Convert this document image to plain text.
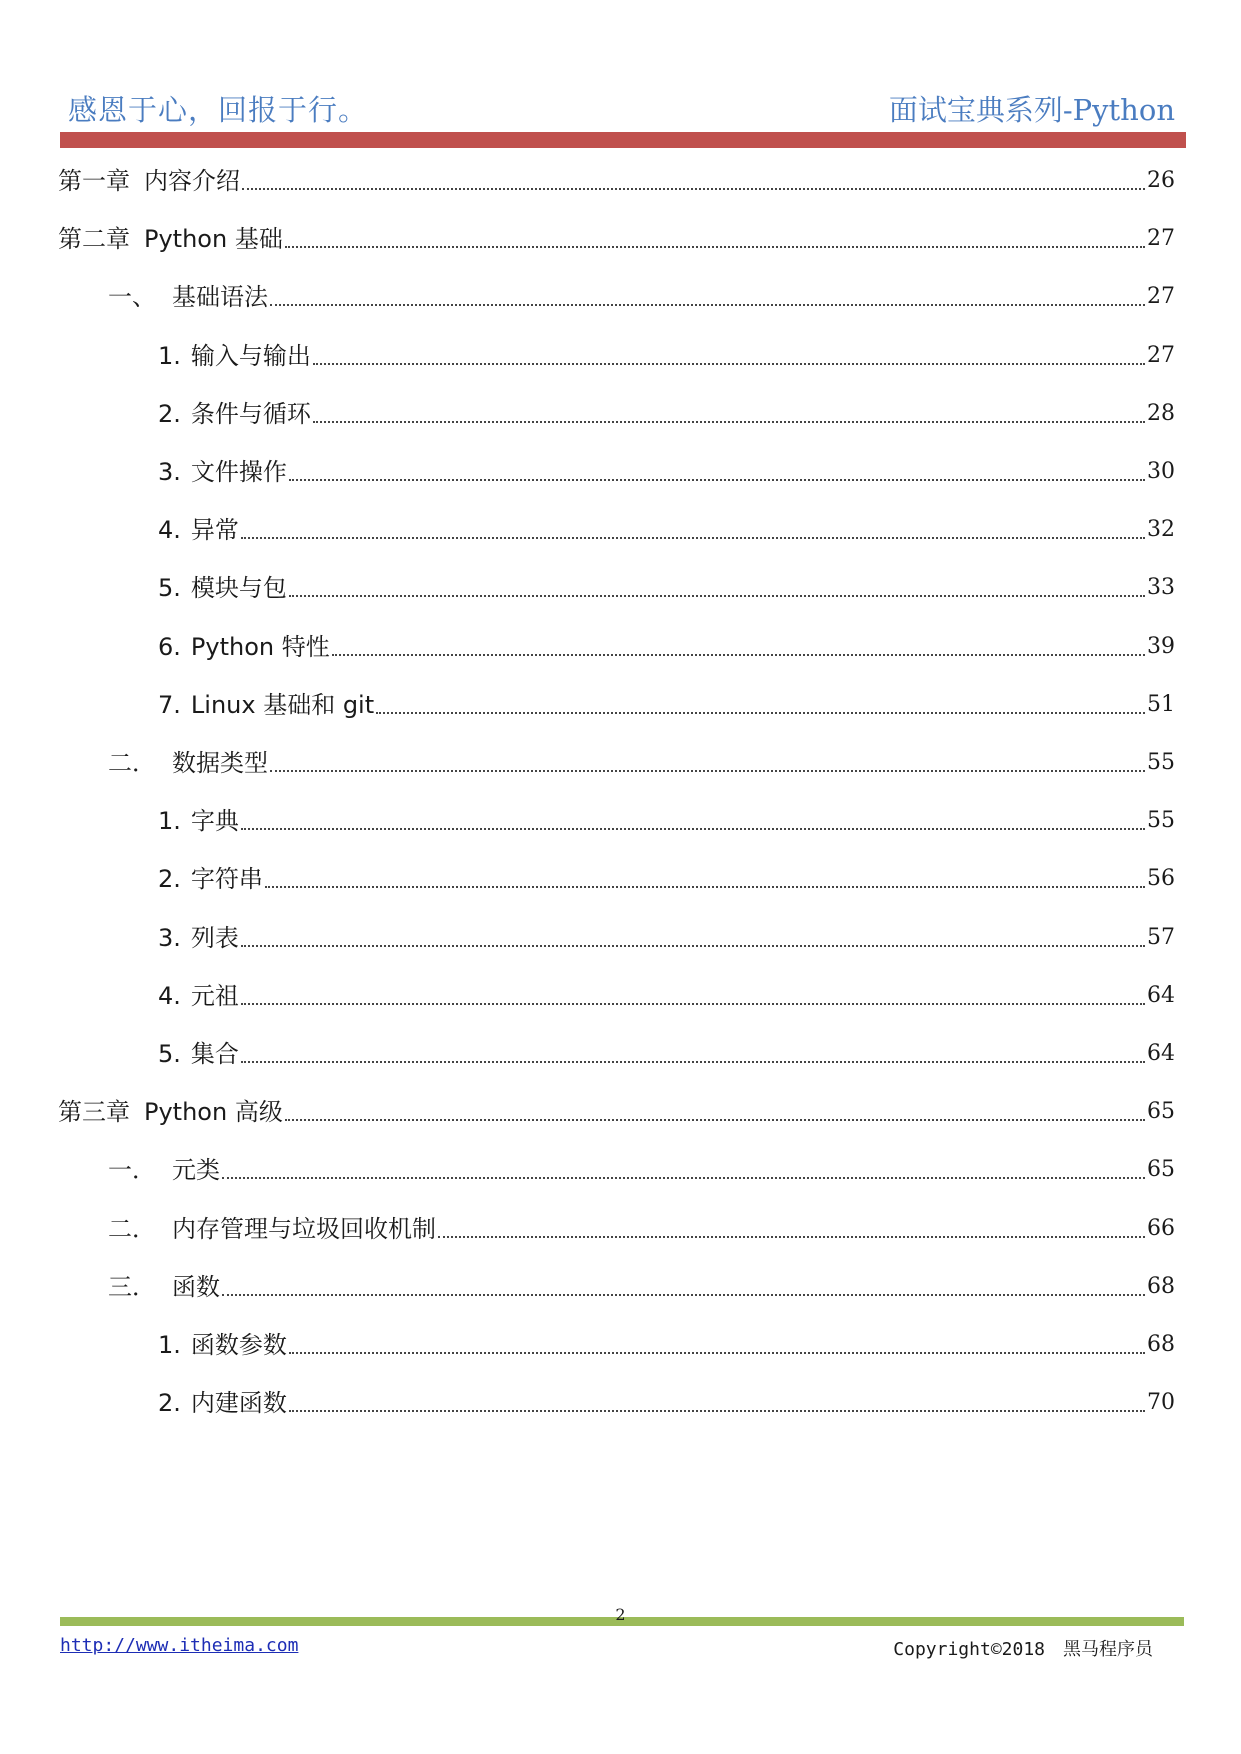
感恩于心，回报于行。	面试宝典系列-Python
第一章 内容介绍	26
第二章 Python 基础	27
一、 基础语法	27
1. 输入与输出	27
2. 条件与循环	28
3. 文件操作	30
4. 异常	32
5. 模块与包	33
6. Python 特性	39
7. Linux 基础和 git	51
二． 数据类型	55
1. 字典	55
2. 字符串	56
3. 列表	57
4. 元祖	64
5. 集合	64
第三章 Python 高级	65
一． 元类	65
二． 内存管理与垃圾回收机制	66
三． 函数	68
1. 函数参数	68
2. 内建函数	70
2
http://www.itheima.com	Copyright©2018　黑马程序员
